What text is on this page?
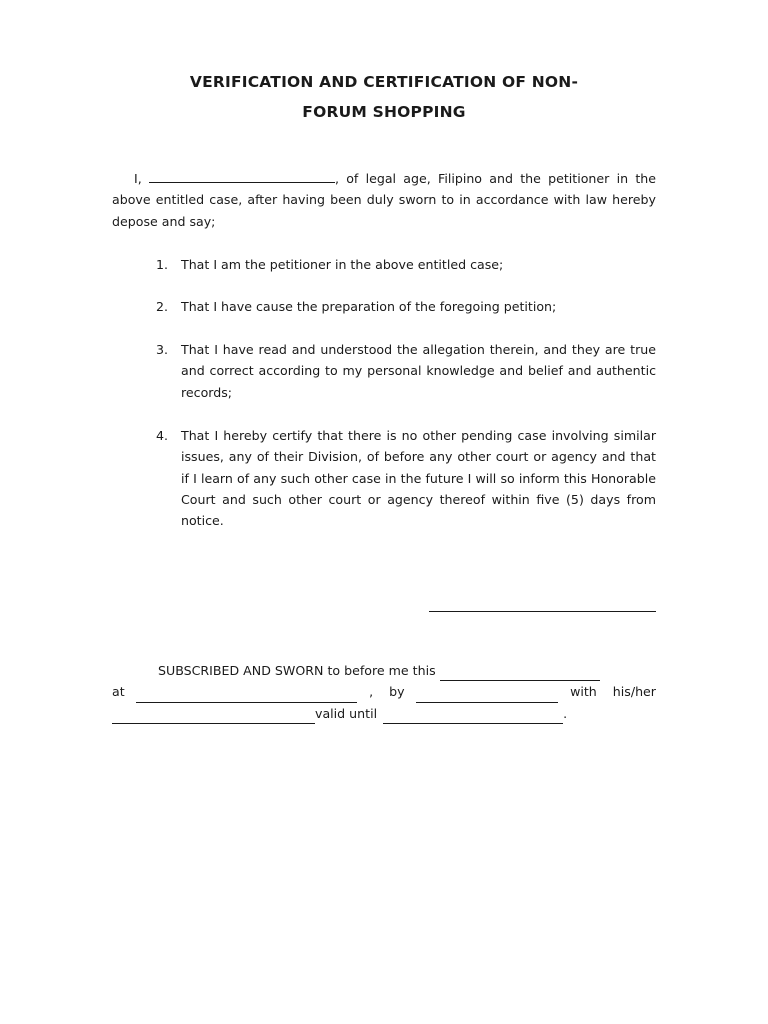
VERIFICATION AND CERTIFICATION OF NON-
FORUM SHOPPING

I,	, of legal age, Filipino and the petitioner in the above entitled case, after having been duly sworn to in accordance with law hereby depose and say;

1.	That I am the petitioner in the above entitled case;
2.	That I have cause the preparation of the foregoing petition;
3.	That I have read and understood the allegation therein, and they are true and correct according to my personal knowledge and belief and authentic records;
4.	That I hereby certify that there is no other pending case involving similar issues, any of their Division, of before any other court or agency and that if I learn of any such other case in the future I will so inform this Honorable Court and such other court or agency thereof within five (5) days from notice.
SUBSCRIBED AND SWORN to before me this
at	,    by	with    his/her
valid until	.
